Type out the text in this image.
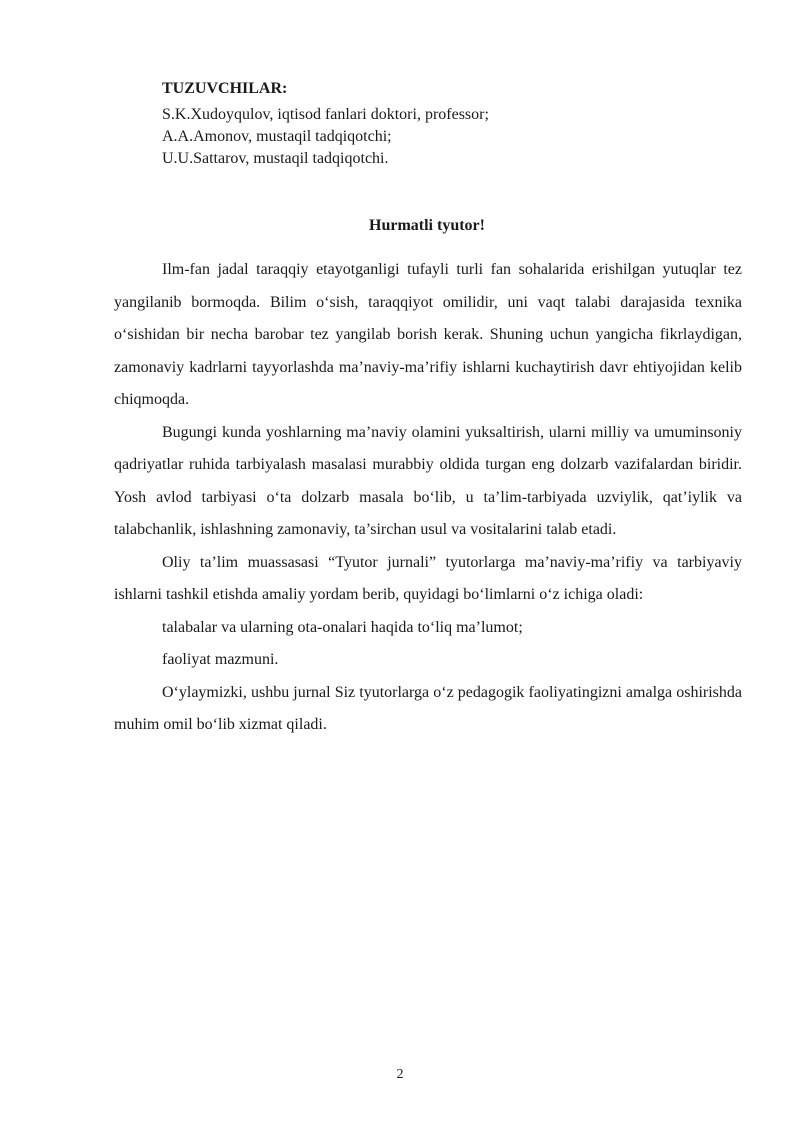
TUZUVCHILAR:
S.K.Xudoyqulov, iqtisod fanlari doktori, professor;
A.A.Amonov, mustaqil tadqiqotchi;
U.U.Sattarov, mustaqil tadqiqotchi.
Hurmatli tyutor!

Ilm-fan jadal taraqqiy etayotganligi tufayli turli fan sohalarida erishilgan yutuqlar tez yangilanib bormoqda. Bilim o‘sish, taraqqiyot omilidir, uni vaqt talabi darajasida texnika o‘sishidan bir necha barobar tez yangilab borish kerak. Shuning uchun yangicha fikrlaydigan, zamonaviy kadrlarni tayyorlashda ma’naviy-ma’rifiy ishlarni kuchaytirish davr ehtiyojidan kelib chiqmoqda.

Bugungi kunda yoshlarning ma’naviy olamini yuksaltirish, ularni milliy va umuminsoniy qadriyatlar ruhida tarbiyalash masalasi murabbiy oldida turgan eng dolzarb vazifalardan biridir. Yosh avlod tarbiyasi o‘ta dolzarb masala bo‘lib, u ta’lim-tarbiyada uzviylik, qat’iylik va talabchanlik, ishlashning zamonaviy, ta’sirchan usul va vositalarini talab etadi.

Oliy ta’lim muassasasi “Tyutor jurnali” tyutorlarga ma’naviy-ma’rifiy va tarbiyaviy ishlarni tashkil etishda amaliy yordam berib, quyidagi bo‘limlarni o‘z ichiga oladi:

talabalar va ularning ota-onalari haqida to‘liq ma’lumot;

faoliyat mazmuni.

O‘ylaymizki, ushbu jurnal Siz tyutorlarga o‘z pedagogik faoliyatingizni amalga oshirishda muhim omil bo‘lib xizmat qiladi.

2
